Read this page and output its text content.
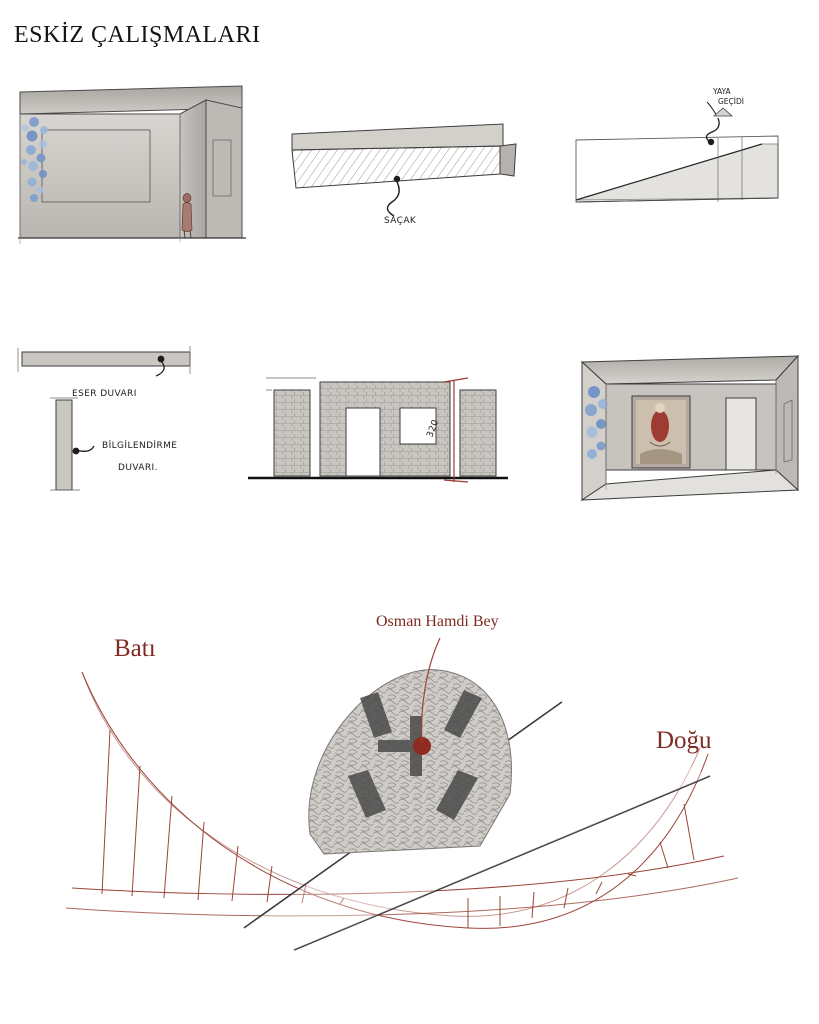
ESKİZ ÇALIŞMALARI
SAÇAK
YAYA
GEÇİDİ
ESER DUVARI
BİLGİLENDİRME
DUVARI.
320
Osman Hamdi Bey
Batı
Doğu
